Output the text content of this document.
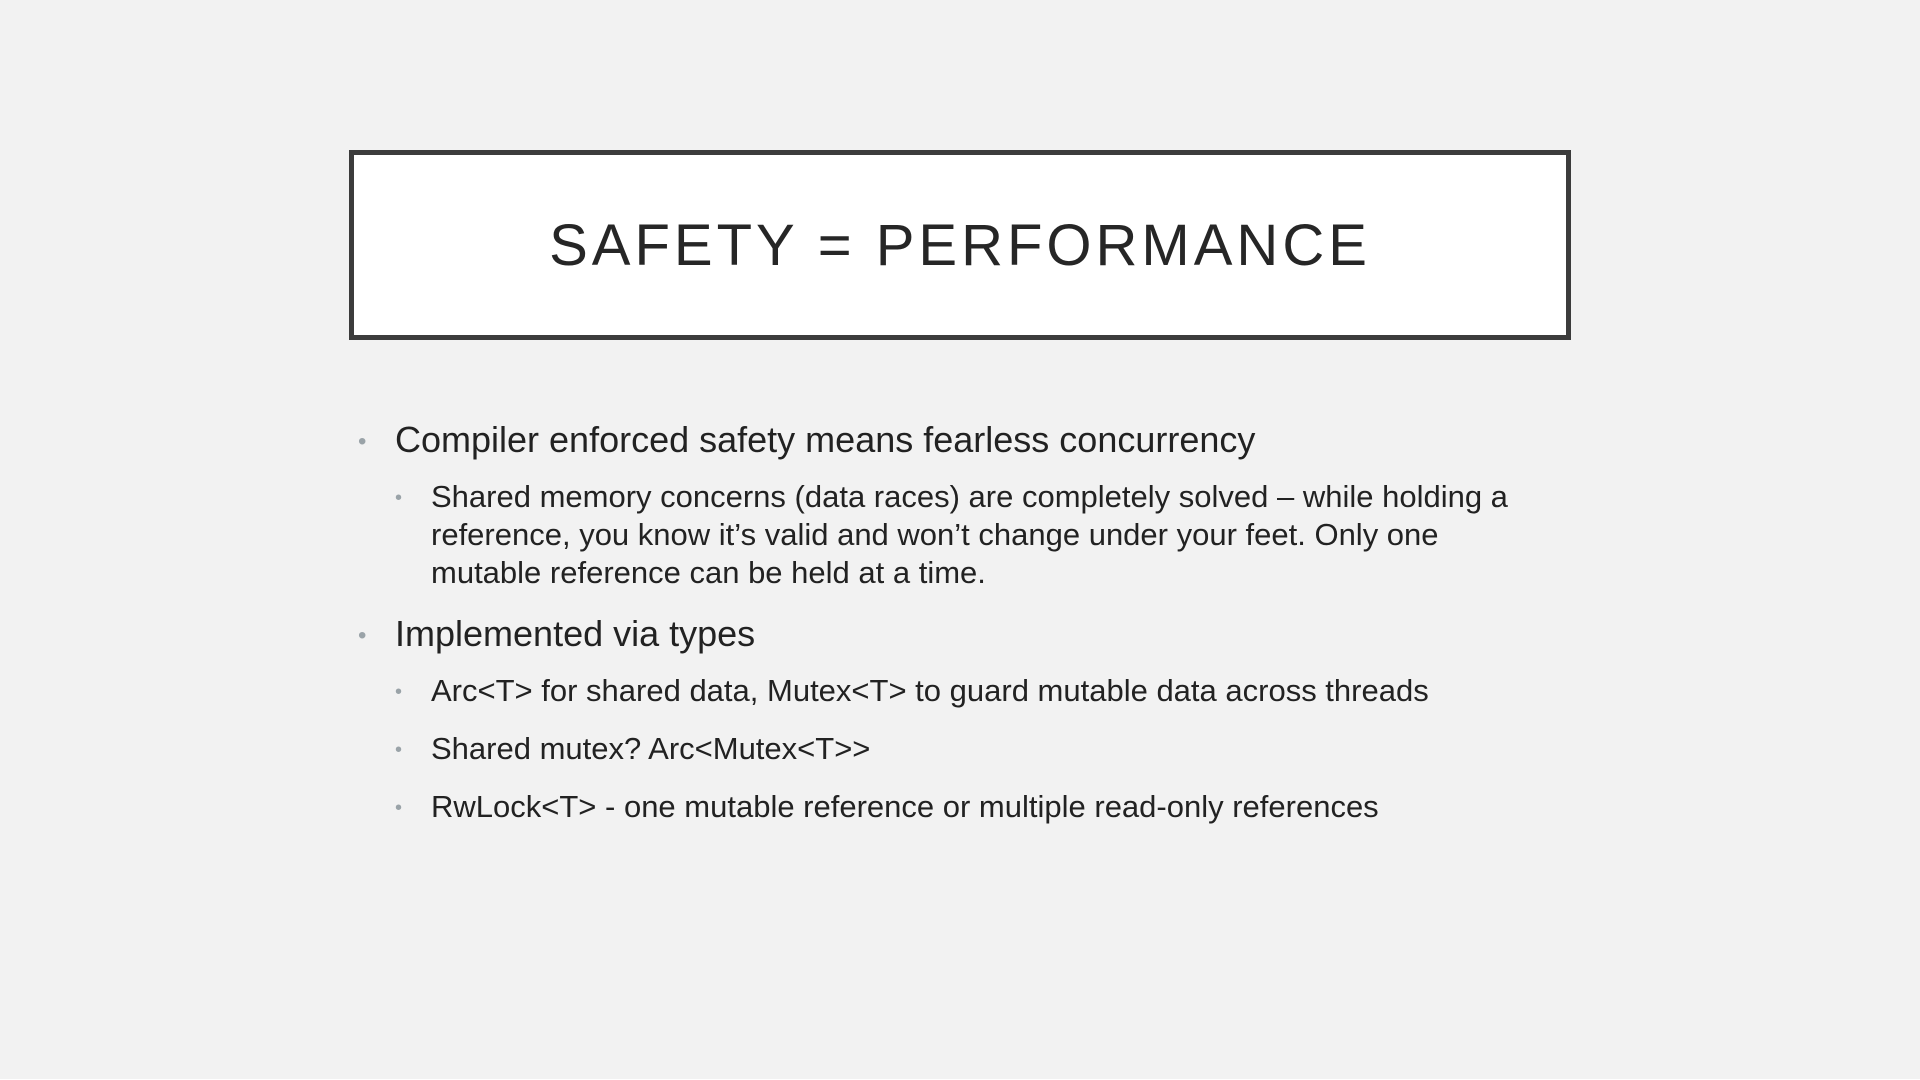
SAFETY = PERFORMANCE
• Compiler enforced safety means fearless concurrency
• Shared memory concerns (data races) are completely solved – while holding a reference, you know it’s valid and won’t change under your feet. Only one mutable reference can be held at a time.
• Implemented via types
• Arc<T> for shared data, Mutex<T> to guard mutable data across threads
• Shared mutex? Arc<Mutex<T>>
• RwLock<T> - one mutable reference or multiple read-only references
